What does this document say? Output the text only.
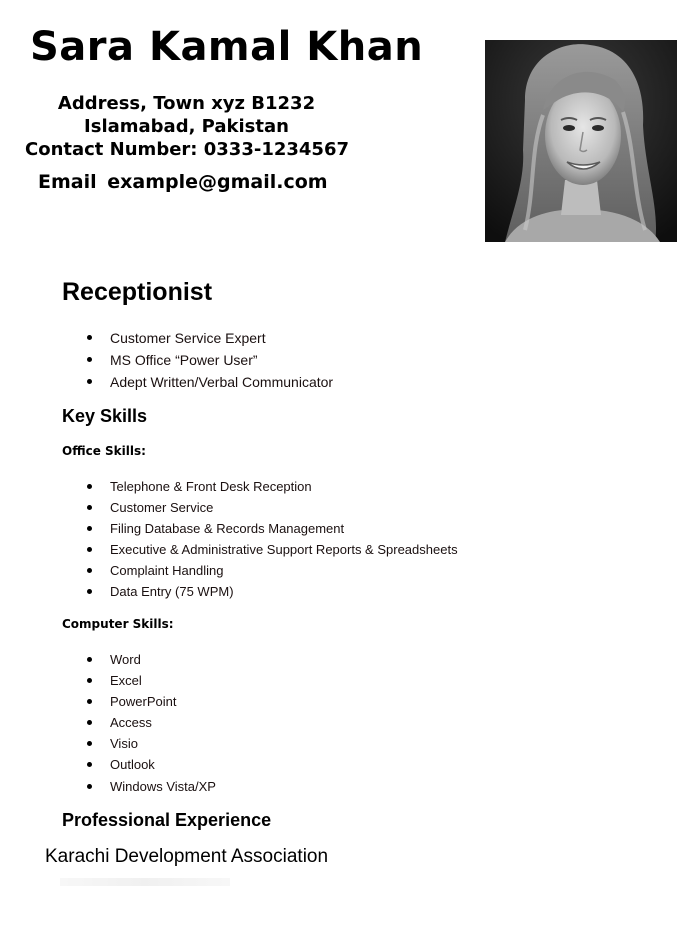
Sara Kamal Khan
Address, Town xyz B1232
Islamabad, Pakistan
Contact Number: 0333-1234567
Email example@gmail.com
Receptionist
Customer Service Expert
MS Office “Power User”
Adept Written/Verbal Communicator
Key Skills
Office Skills:
Telephone & Front Desk Reception
Customer Service
Filing Database & Records Management
Executive & Administrative Support Reports & Spreadsheets
Complaint Handling
Data Entry (75 WPM)
Computer Skills:
Word
Excel
PowerPoint
Access
Visio
Outlook
Windows Vista/XP
Professional Experience
Karachi Development Association
